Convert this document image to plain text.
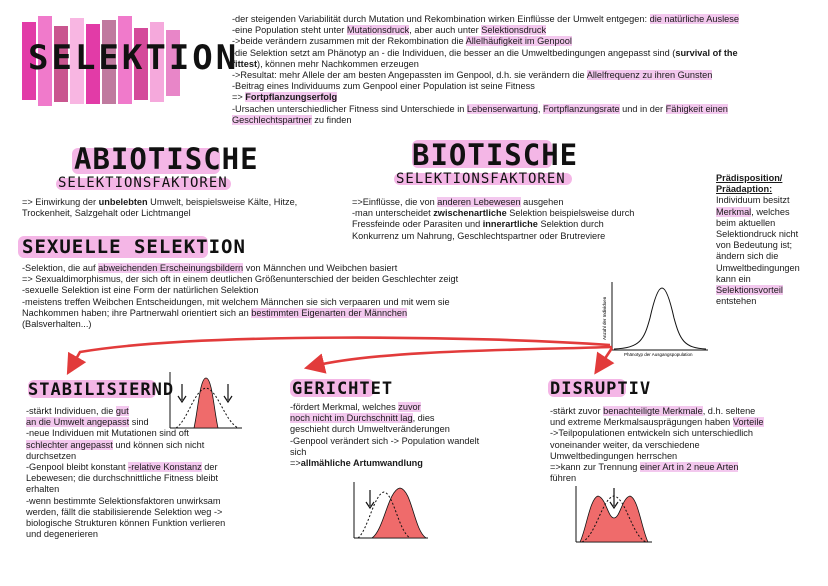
SELEKTION

-der steigenden Variabilität durch Mutation und Rekombination wirken Einflüsse der Umwelt entgegen: die natürliche Auslese

-eine Population steht unter Mutationsdruck, aber auch unter Selektionsdruck

->beide verändern zusammen mit der Rekombination die Allelhäufigkeit im Genpool

-die Selektion setzt am Phänotyp an - die Individuen, die besser an die Umweltbedingungen angepasst sind (survival of the

fittest), können mehr Nachkommen erzeugen

->Resultat: mehr Allele der am besten Angepassten im Genpool, d.h. sie verändern die Allelfrequenz zu ihren Gunsten

-Beitrag eines Individuums zum Genpool einer Population ist seine Fitness

=> Fortpflanzungserfolg

-Ursachen unterschiedlicher Fitness sind Unterschiede in Lebenserwartung, Fortpflanzungsrate und in der Fähigkeit einen

Geschlechtspartner zu finden

ABIOTISCHE
SELEKTIONSFAKTOREN

=> Einwirkung der unbelebten Umwelt, beispielsweise Kälte, Hitze,

Trockenheit, Salzgehalt oder Lichtmangel

BIOTISCHE
SELEKTIONSFAKTOREN

=>Einflüsse, die von anderen Lebewesen ausgehen

-man unterscheidet zwischenartliche Selektion beispielsweise durch

Fressfeinde oder Parasiten und innerartliche Selektion durch

Konkurrenz um Nahrung, Geschlechtspartner oder Brutreviere

Prädisposition/

Präadaption:

Individuum besitzt

Merkmal, welches

beim aktuellen

Selektiondruck nicht

von Bedeutung ist;

ändern sich die

Umweltbedingungen

kann ein

Selektionsvorteil

entstehen

SEXUELLE SELEKTION

-Selektion, die auf abweichenden Erscheinungsbildern von Männchen und Weibchen basiert

=> Sexualdimorphismus, der sich oft in einem deutlichen Größenunterschied der beiden Geschlechter zeigt

-sexuelle Selektion ist eine Form der natürlichen Selektion

-meistens treffen Weibchen Entscheidungen, mit welchem Männchen sie sich verpaaren und mit wem sie

Nachkommen haben; ihre Partnerwahl orientiert sich an bestimmten Eigenarten der Männchen

(Balsverhalten...)	Anzahl der Individuen
Phänotyp der Ausgangspopulation
STABILISIERND

-stärkt Individuen, die gut

an die Umwelt angepasst sind

-neue Individuen mit Mutationen sind oft

schlechter angepasst und können sich nicht

durchsetzen

-Genpool bleibt konstant -relative Konstanz der

Lebewesen; die durchschnittliche Fitness bleibt

erhalten

-wenn bestimmte Selektionsfaktoren unwirksam

werden, fällt die stabilisierende Selektion weg ->

biologische Strukturen können Funktion verlieren

und degenerieren

GERICHTET

-fördert Merkmal, welches zuvor

noch nicht im Durchschnitt lag, dies

geschieht durch Umweltveränderungen

-Genpool verändert sich -> Population wandelt

sich

=>allmähliche Artumwandlung

DISRUPTIV

-stärkt zuvor benachteiligte Merkmale, d.h. seltene

und extreme Merkmalsausprägungen haben Vorteile

->Teilpopulationen entwickeln sich unterschiedlich

voneinander weiter, da verschiedene

Umweltbedingungen herrschen

=>kann zur Trennung einer Art in 2 neue Arten

führen
